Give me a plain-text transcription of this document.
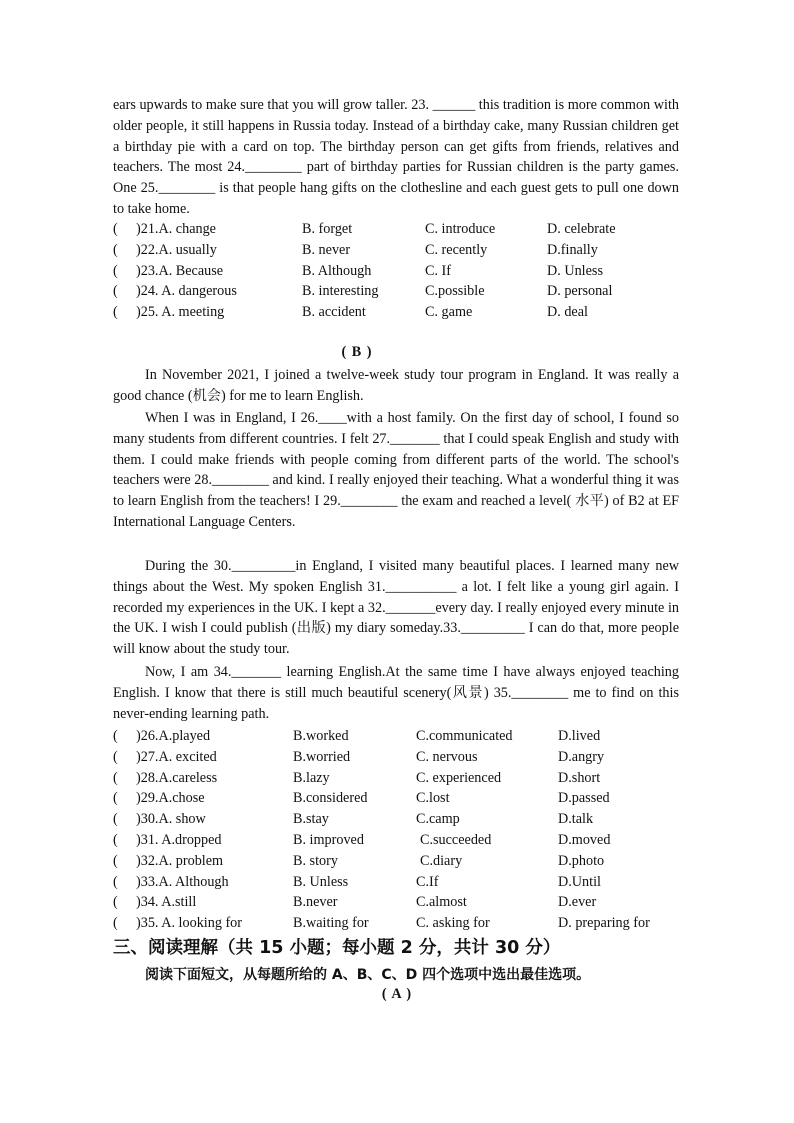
ears upwards to make sure that you will grow taller. 23. ______ this tradition is more common with older people, it still happens in Russia today. Instead of a birthday cake, many Russian children get a birthday pie with a card on top. The birthday person can get gifts from friends, relatives and teachers. The most 24.________ part of birthday parties for Russian children is the party games. One 25.________ is that people hang gifts on the clothesline and each guest gets to pull one down to take home.

( )21.A. change	B. forget	C. introduce	D. celebrate
( )22.A. usually	B. never	C. recently	D.finally
( )23.A. Because	B. Although	C. If	D. Unless
( )24. A. dangerous	B. interesting	C.possible	D. personal
( )25. A. meeting	B. accident	C. game	D. deal
( B )

In November 2021, I joined a twelve-week study tour program in England. It was really a good chance (机会) for me to learn English.

When I was in England, I 26.____with a host family. On the first day of school, I found so many students from different countries. I felt 27._______ that I could speak English and study with them. I could make friends with people coming from different parts of the world. The school's teachers were 28.________ and kind. I really enjoyed their teaching. What a wonderful thing it was to learn English from the teachers! I 29.________ the exam and reached a level( 水平) of B2 at EF International Language Centers.

During the 30._________in England, I visited many beautiful places. I learned many new things about the West. My spoken English 31.__________ a lot. I felt like a young girl again. I recorded my experiences in the UK. I kept a 32._______every day. I really enjoyed every minute in the UK. I wish I could publish (出版) my diary someday.33._________ I can do that, more people will know about the study tour.

Now, I am 34._______ learning English.At the same time I have always enjoyed teaching English. I know that there is still much beautiful scenery(风景) 35.________ me to find on this never-ending learning path.

( )26.A.played	B.worked	C.communicated	D.lived
( )27.A. excited	B.worried	C. nervous	D.angry
( )28.A.careless	B.lazy	C. experienced	D.short
( )29.A.chose	B.considered	C.lost	D.passed
( )30.A. show	B.stay	C.camp	D.talk
( )31. A.dropped	B. improved	C.succeeded	D.moved
( )32.A. problem	B. story	C.diary	D.photo
( )33.A. Although	B. Unless	C.If	D.Until
( )34. A.still	B.never	C.almost	D.ever
( )35. A. looking for	B.waiting for	C. asking for	D. preparing for
三、阅读理解（共 15 小题；每小题 2 分，共计 30 分）
阅读下面短文，从每题所给的 A、B、C、D 四个选项中选出最佳选项。
( A )
